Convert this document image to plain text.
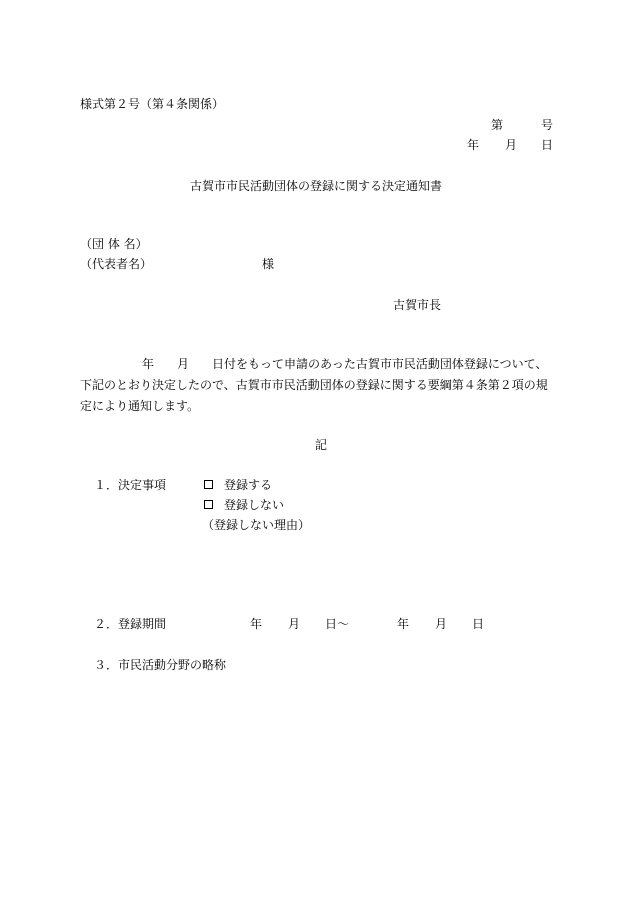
様式第２号（第４条関係）
第	号
年 月 日
古賀市市民活動団体の登録に関する決定通知書
（団 体 名）
（代表者名）	様
古賀市長
年 月 日付をもって申請のあった古賀市市民活動団体登録について、
下記のとおり決定したので、古賀市市民活動団体の登録に関する要綱第４条第２項の規
定により通知します。
記
１．決定事項	登録する
登録しない
（登録しない理由）
２．登録期間	年 月 日～	年 月 日
３．市民活動分野の略称
